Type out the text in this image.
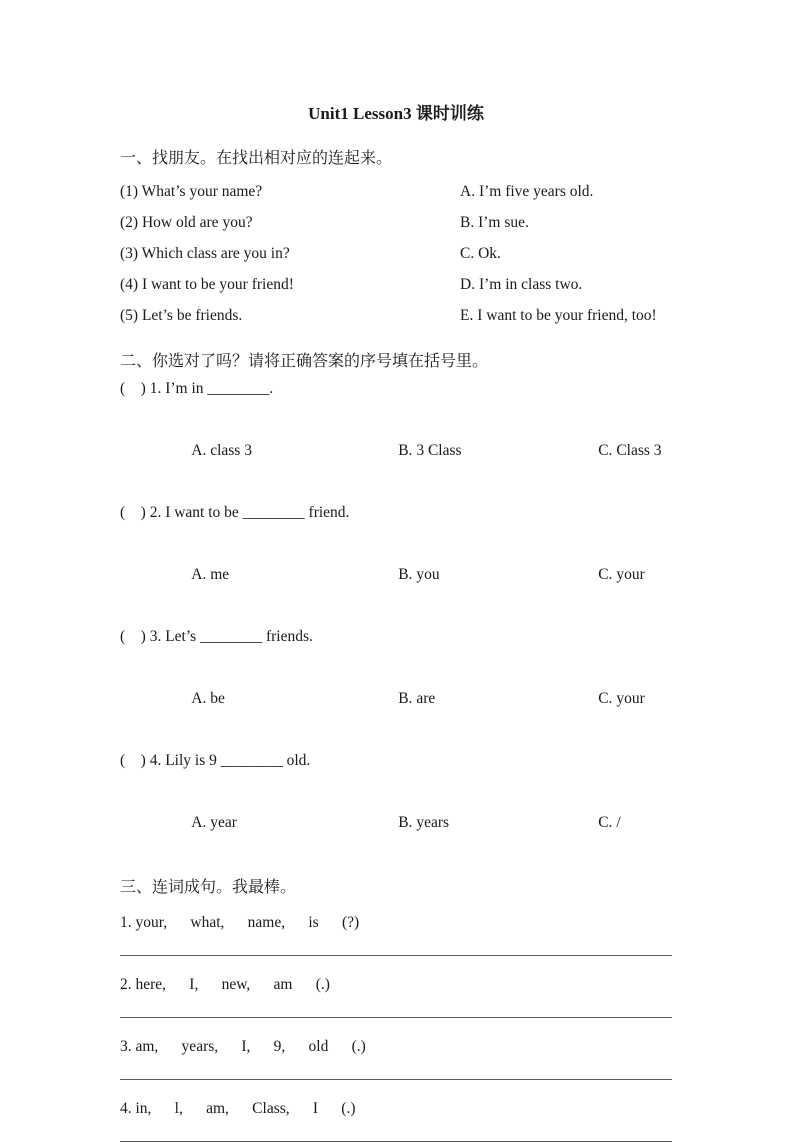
Unit1 Lesson3 课时训练
一、找朋友。在找出相对应的连起来。
(1) What’s your name?	A. I’m five years old.
(2) How old are you?	B. I’m sue.
(3) Which class are you in?	C. Ok.
(4) I want to be your friend!	D. I’m in class two.
(5) Let’s be friends.	E. I want to be your friend, too!
二、你选对了吗？请将正确答案的序号填在括号里。
(    ) 1. I’m in ________.

A. class 3	B. 3 Class	C. Class 3

(    ) 2. I want to be ________ friend.

A. me	B. you	C. your

(    ) 3. Let’s ________ friends.

A. be	B. are	C. your

(    ) 4. Lily is 9 ________ old.

A. year	B. years	C. /

三、连词成句。我最棒。
1. your,      what,      name,      is      (?)
2. here,      I,      new,      am      (.)
3. am,      years,      I,      9,      old      (.)
4. in,      l,      am,      Class,      I      (.)
